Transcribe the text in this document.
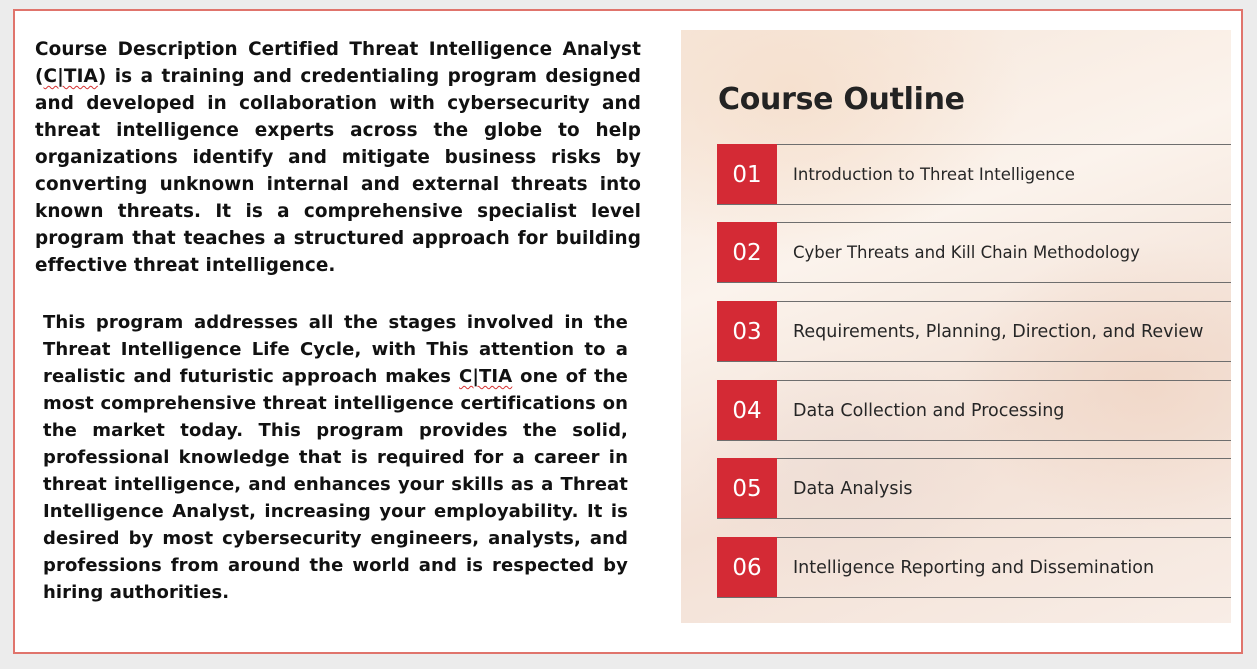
Course Description Certified Threat Intelligence Analyst (C|TIA) is a training and credentialing program designed and developed in collaboration with cybersecurity and threat intelligence experts across the globe to help organizations identify and mitigate business risks by converting unknown internal and external threats into known threats. It is a comprehensive specialist level program that teaches a structured approach for building effective threat intelligence.

This program addresses all the stages involved in the Threat Intelligence Life Cycle, with This attention to a realistic and futuristic approach makes C|TIA one of the most comprehensive threat intelligence certifications on the market today. This program provides the solid, professional knowledge that is required for a career in threat intelligence, and enhances your skills as a Threat Intelligence Analyst, increasing your employability. It is desired by most cybersecurity engineers, analysts, and professions from around the world and is respected by hiring authorities.

Course Outline
01	Introduction to Threat Intelligence
02	Cyber Threats and Kill Chain Methodology
03	Requirements, Planning, Direction, and Review
04	Data Collection and Processing
05	Data Analysis
06	Intelligence Reporting and Dissemination
